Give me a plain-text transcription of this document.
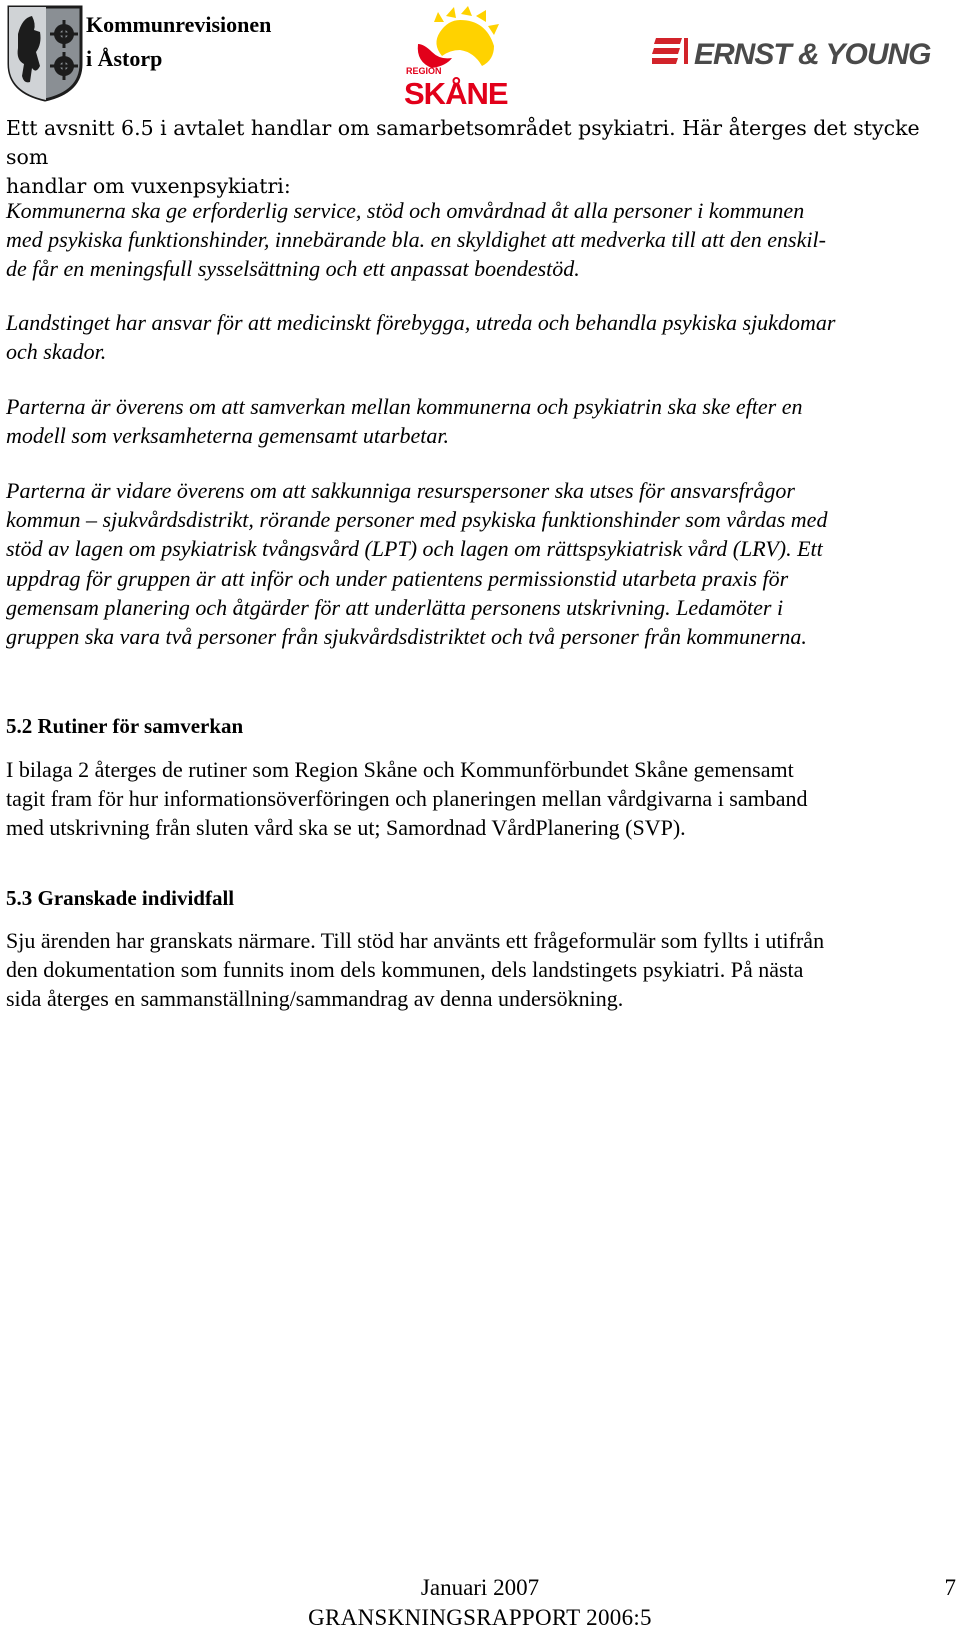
Kommunrevisionen
i Åstorp	REGION
SKÅNE
ERNST & YOUNG

Ett avsnitt 6.5 i avtalet handlar om samarbetsområdet psykiatri. Här återges det stycke som
handlar om vuxenpsykiatri:

Kommunerna ska ge erforderlig service, stöd och omvårdnad åt alla personer i kommunen
med psykiska funktionshinder, innebärande bla. en skyldighet att medverka till att den enskil-
de får en meningsfull sysselsättning och ett anpassat boendestöd.

Landstinget har ansvar för att medicinskt förebygga, utreda och behandla psykiska sjukdomar
och skador.

Parterna är överens om att samverkan mellan kommunerna och psykiatrin ska ske efter en
modell som verksamheterna gemensamt utarbetar.

Parterna är vidare överens om att sakkunniga resurspersoner ska utses för ansvarsfrågor
kommun – sjukvårdsdistrikt, rörande personer med psykiska funktionshinder som vårdas med
stöd av lagen om psykiatrisk tvångsvård (LPT) och lagen om rättspsykiatrisk vård (LRV). Ett
uppdrag för gruppen är att inför och under patientens permissionstid utarbeta praxis för
gemensam planering och åtgärder för att underlätta personens utskrivning. Ledamöter i
gruppen ska vara två personer från sjukvårdsdistriktet och två personer från kommunerna.

5.2 Rutiner för samverkan

I bilaga 2 återges de rutiner som Region Skåne och Kommunförbundet Skåne gemensamt
tagit fram för hur informationsöverföringen och planeringen mellan vårdgivarna i samband
med utskrivning från sluten vård ska se ut; Samordnad VårdPlanering (SVP).

5.3 Granskade individfall

Sju ärenden har granskats närmare. Till stöd har använts ett frågeformulär som fyllts i utifrån
den dokumentation som funnits inom dels kommunen, dels landstingets psykiatri. På nästa
sida återges en sammanställning/sammandrag av denna undersökning.

Januari 2007
GRANSKNINGSRAPPORT 2006:5
7
